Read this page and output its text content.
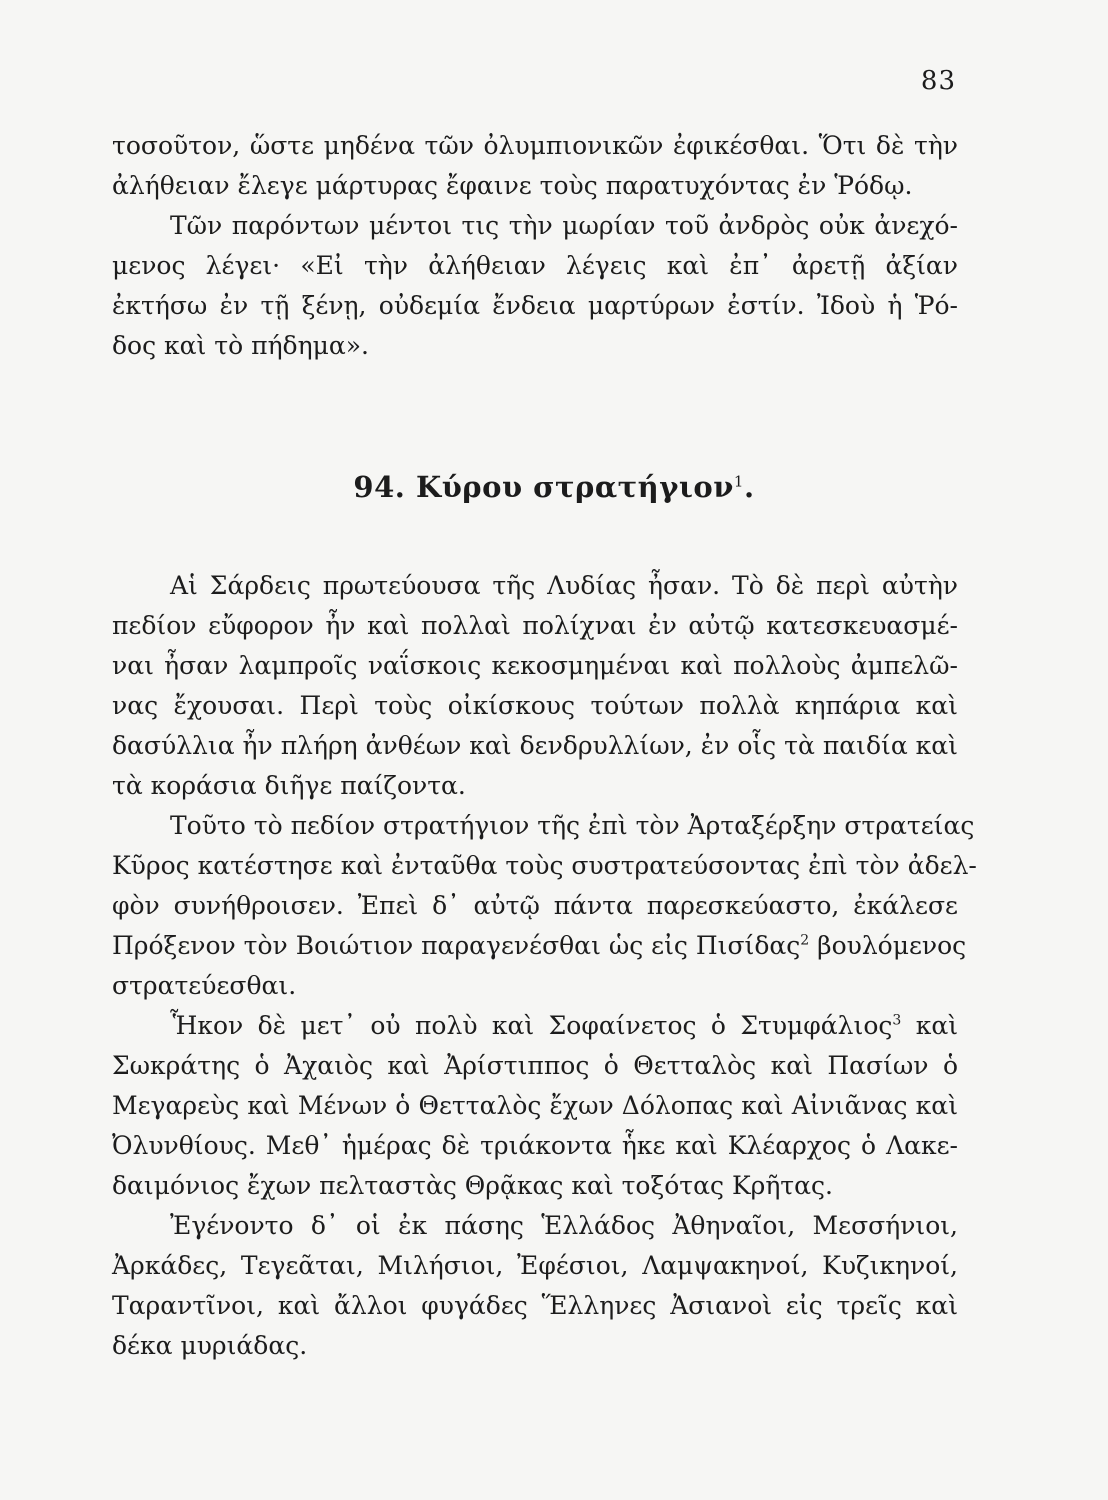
83
τοσοῦτον, ὥστε μηδένα τῶν ὀλυμπιονικῶν ἐφικέσθαι. Ὅτι δὲ τὴν
ἀλήθειαν ἔλεγε μάρτυρας ἔφαινε τοὺς παρατυχόντας ἐν Ῥόδῳ.
Τῶν παρόντων μέντοι τις τὴν μωρίαν τοῦ ἀνδρὸς οὐκ ἀνεχό-
μενος λέγει· «Εἰ τὴν ἀλήθειαν λέγεις καὶ ἐπ᾽ ἀρετῇ ἀξίαν
ἐκτήσω ἐν τῇ ξένῃ, οὐδεμία ἔνδεια μαρτύρων ἐστίν. Ἰδοὺ ἡ Ῥό-
δος καὶ τὸ πήδημα».
94. Κύρου στρατήγιον$^1$.
Αἱ Σάρδεις πρωτεύουσα τῆς Λυδίας ἦσαν. Τὸ δὲ περὶ αὐτὴν
πεδίον εὔφορον ἦν καὶ πολλαὶ πολίχναι ἐν αὐτῷ κατεσκευασμέ-
ναι ἦσαν λαμπροῖς ναΐσκοις κεκοσμημέναι καὶ πολλοὺς ἀμπελῶ-
νας ἔχουσαι. Περὶ τοὺς οἰκίσκους τούτων πολλὰ κηπάρια καὶ
δασύλλια ἦν πλήρη ἀνθέων καὶ δενδρυλλίων, ἐν οἷς τὰ παιδία καὶ
τὰ κοράσια διῆγε παίζοντα.
Τοῦτο τὸ πεδίον στρατήγιον τῆς ἐπὶ τὸν Ἀρταξέρξην στρατείας
Κῦρος κατέστησε καὶ ἐνταῦθα τοὺς συστρατεύσοντας ἐπὶ τὸν ἀδελ-
φὸν συνήθροισεν. Ἐπεὶ δ᾽ αὐτῷ πάντα παρεσκεύαστο, ἐκάλεσε
Πρόξενον τὸν Βοιώτιον παραγενέσθαι ὡς εἰς Πισίδας$^2$ βουλόμενος
στρατεύεσθαι.
Ἧκον δὲ μετ᾽ οὐ πολὺ καὶ Σοφαίνετος ὁ Στυμφάλιος$^3$ καὶ
Σωκράτης ὁ Ἀχαιὸς καὶ Ἀρίστιππος ὁ Θετταλὸς καὶ Πασίων ὁ
Μεγαρεὺς καὶ Μένων ὁ Θετταλὸς ἔχων Δόλοπας καὶ Αἰνιᾶνας καὶ
Ὀλυνθίους. Μεθ᾽ ἡμέρας δὲ τριάκοντα ἧκε καὶ Κλέαρχος ὁ Λακε-
δαιμόνιος ἔχων πελταστὰς Θρᾷκας καὶ τοξότας Κρῆτας.
Ἐγένοντο δ᾽ οἱ ἐκ πάσης Ἑλλάδος Ἀθηναῖοι, Μεσσήνιοι,
Ἀρκάδες, Τεγεᾶται, Μιλήσιοι, Ἐφέσιοι, Λαμψακηνοί, Κυζικηνοί,
Ταραντῖνοι, καὶ ἄλλοι φυγάδες Ἕλληνες Ἀσιανοὶ εἰς τρεῖς καὶ
δέκα μυριάδας.
